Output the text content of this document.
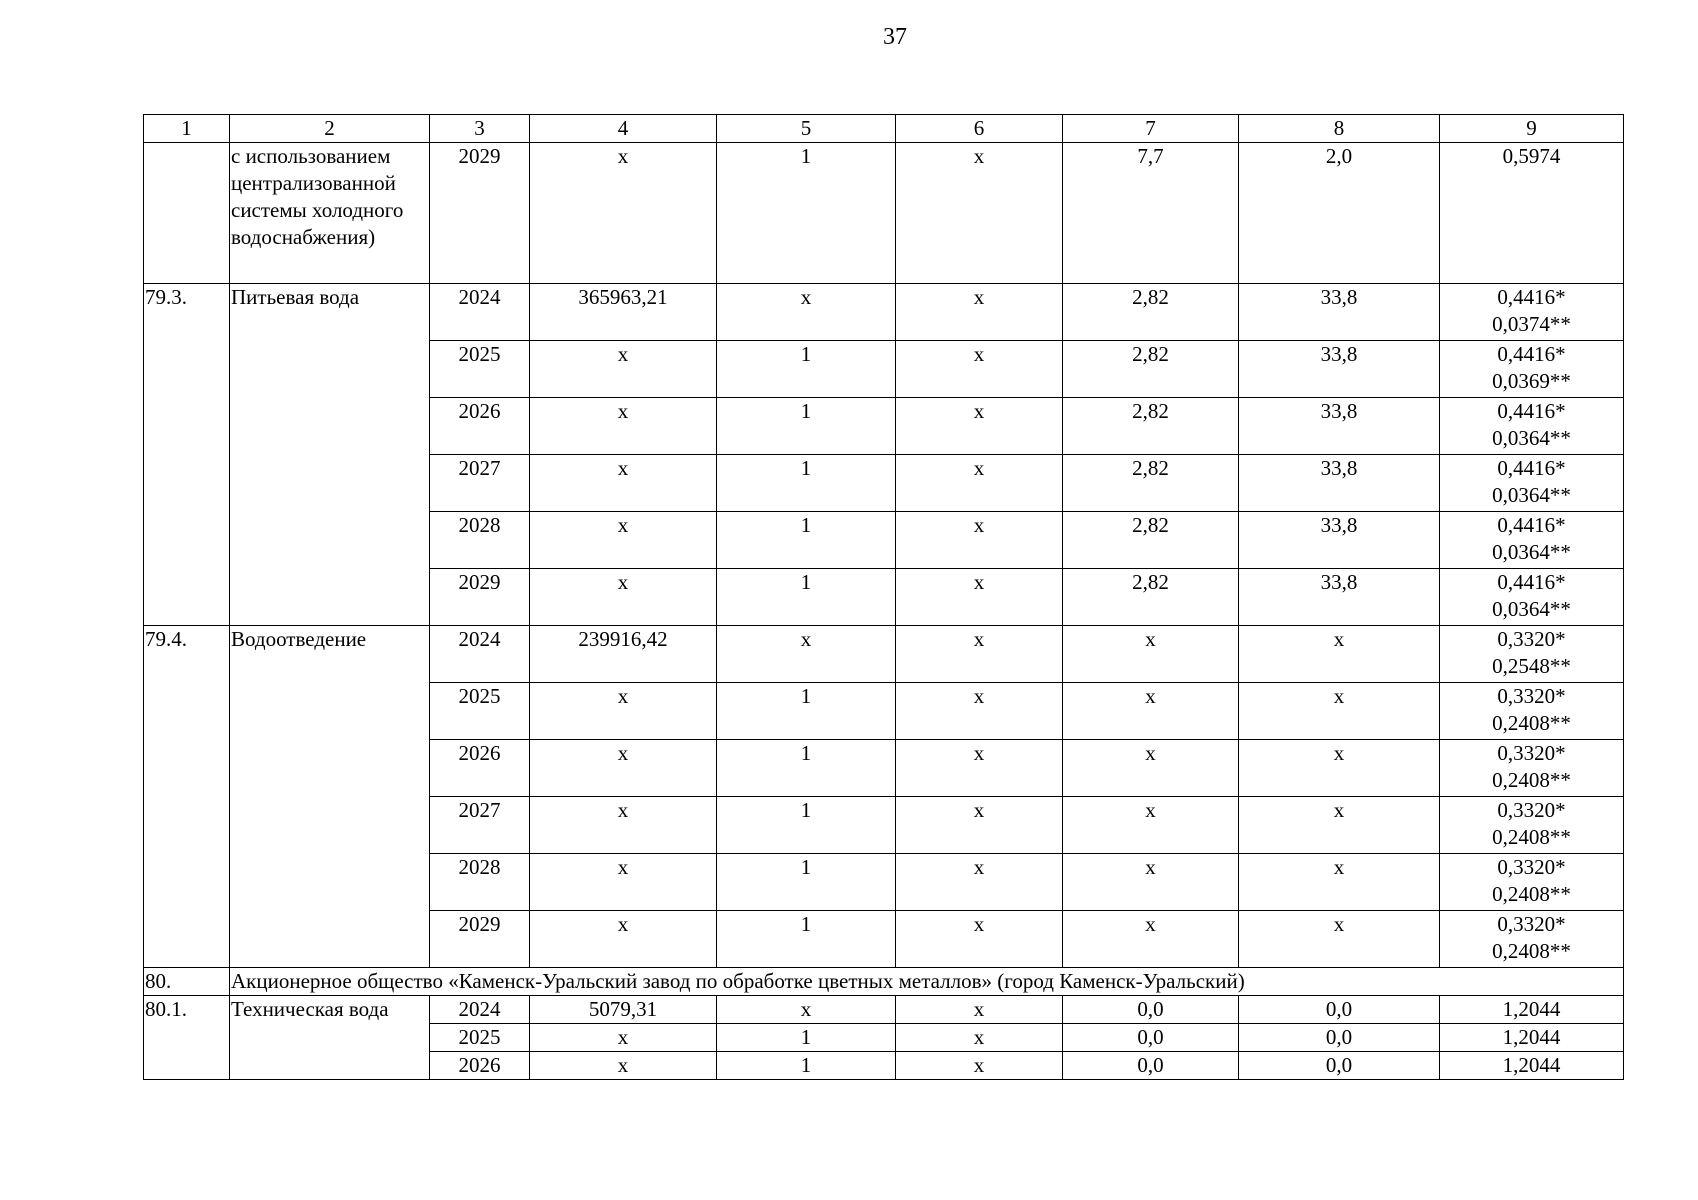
37
1	2	3	4	5	6	7	8	9
	с использованием централизованной системы холодного водоснабжения)	2029	х	1	х	7,7	2,0	0,5974

79.3.	Питьевая вода	2024	365963,21	х	х	2,82	33,8	0,4416*
0,0374**

		2025	х	1	х	2,82	33,8	0,4416*
0,0369**

		2026	х	1	х	2,82	33,8	0,4416*
0,0364**

		2027	х	1	х	2,82	33,8	0,4416*
0,0364**

		2028	х	1	х	2,82	33,8	0,4416*
0,0364**

		2029	х	1	х	2,82	33,8	0,4416*
0,0364**

79.4.	Водоотведение	2024	239916,42	х	х	х	х	0,3320*
0,2548**

		2025	х	1	х	х	х	0,3320*
0,2408**

		2026	х	1	х	х	х	0,3320*
0,2408**

		2027	х	1	х	х	х	0,3320*
0,2408**

		2028	х	1	х	х	х	0,3320*
0,2408**

		2029	х	1	х	х	х	0,3320*
0,2408**

80.	Акционерное общество «Каменск-Уральский завод по обработке цветных металлов» (город Каменск-Уральский)							
80.1.	Техническая вода	2024	5079,31	х	х	0,0	0,0	1,2044

		2025	х	1	х	0,0	0,0	1,2044

		2026	х	1	х	0,0	0,0	1,2044
